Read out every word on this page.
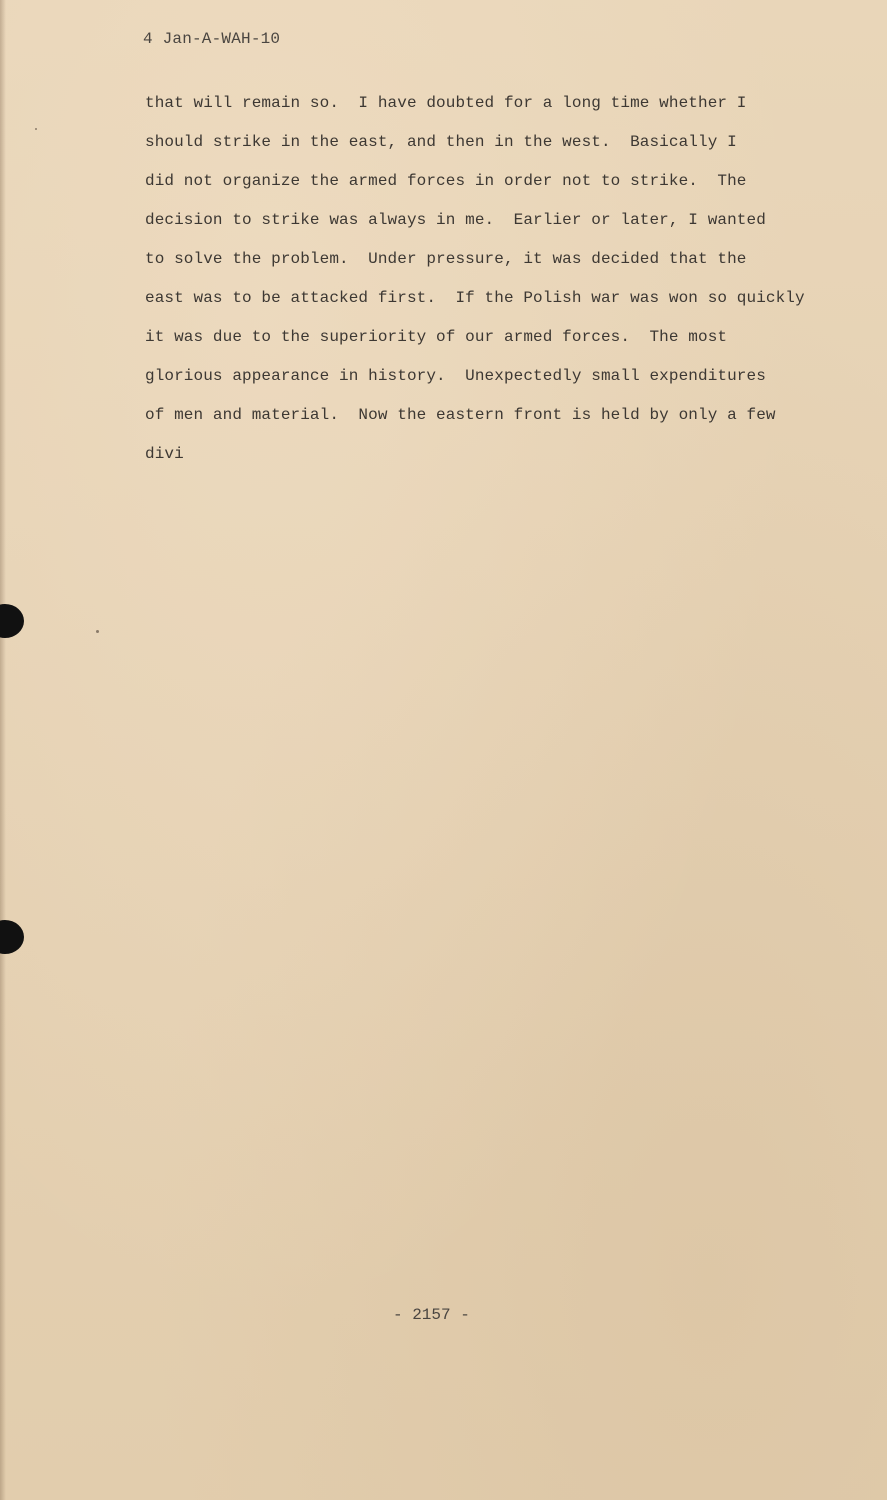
4 Jan-A-WAH-10
that will remain so.  I have doubted for a long time whether I
should strike in the east, and then in the west.  Basically I
did not organize the armed forces in order not to strike.  The
decision to strike was always in me.  Earlier or later, I wanted
to solve the problem.  Under pressure, it was decided that the
east was to be attacked first.  If the Polish war was won so quickly
it was due to the superiority of our armed forces.  The most
glorious appearance in history.  Unexpectedly small expenditures
of men and material.  Now the eastern front is held by only a few
divi
- 2157 -
